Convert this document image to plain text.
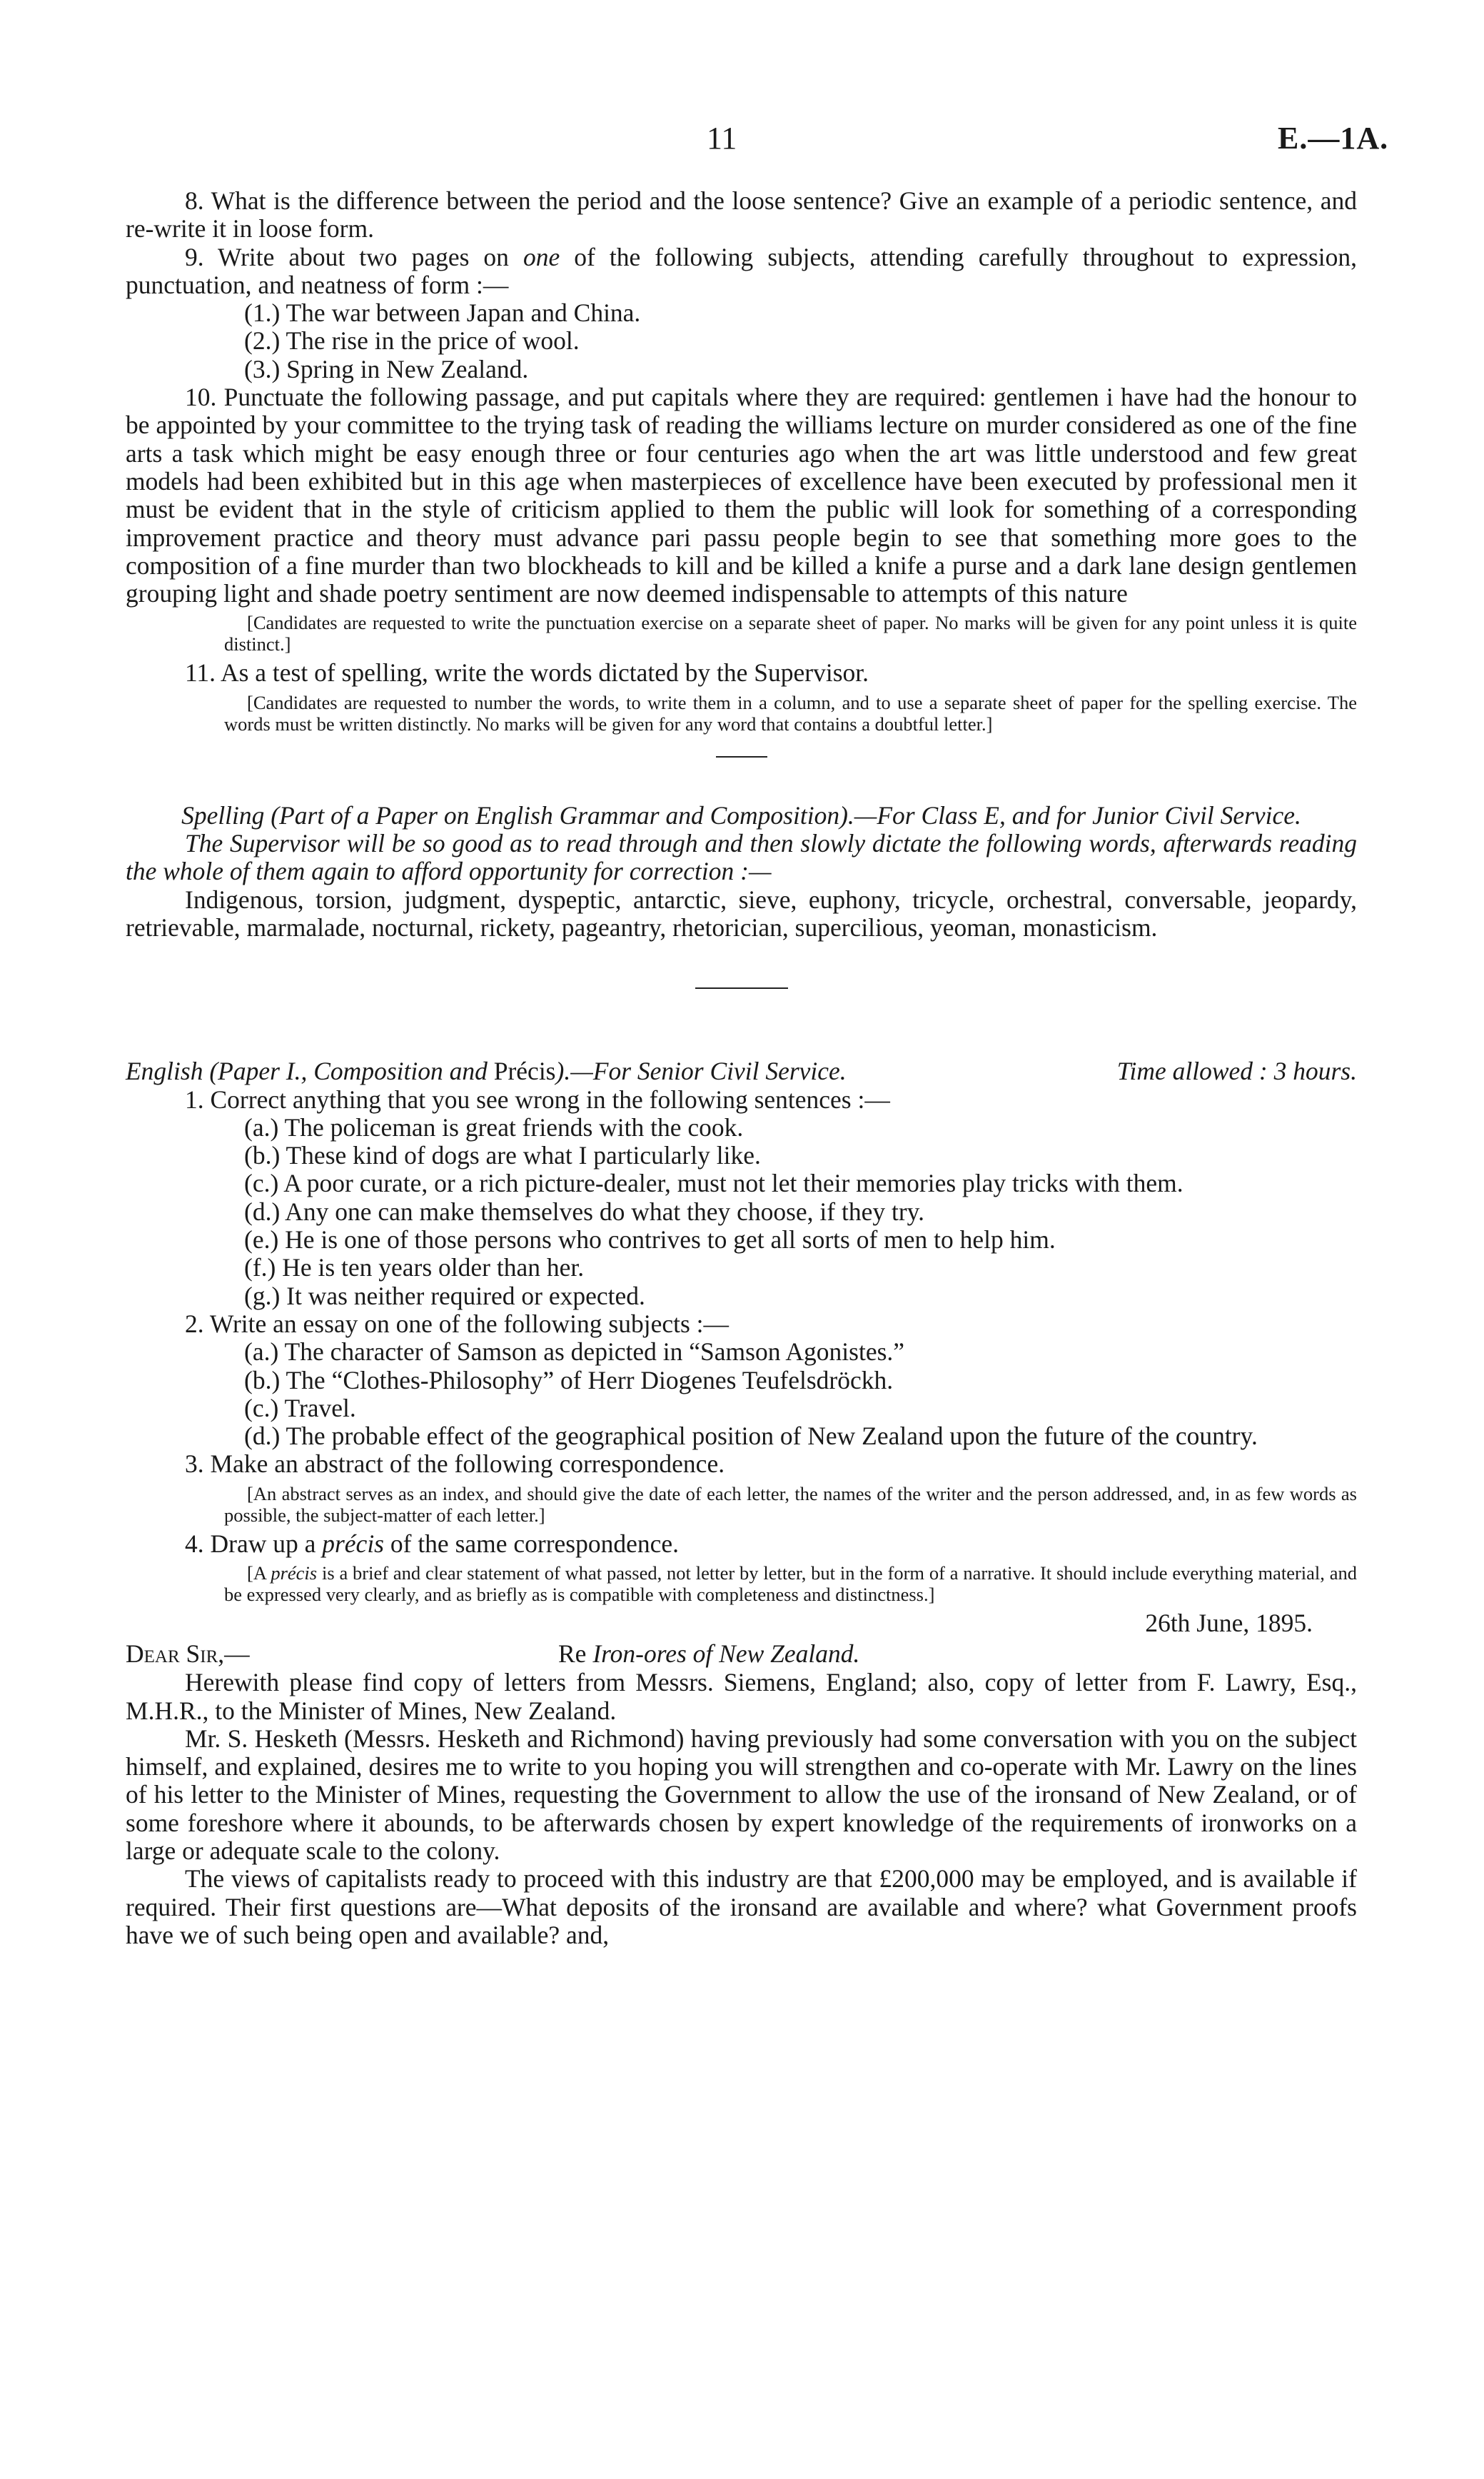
11	E.—1A.

8. What is the difference between the period and the loose sentence? Give an example of a periodic sentence, and re-write it in loose form.

9. Write about two pages on one of the following subjects, attending carefully throughout to expression, punctuation, and neatness of form :—

(1.) The war between Japan and China.

(2.) The rise in the price of wool.

(3.) Spring in New Zealand.

10. Punctuate the following passage, and put capitals where they are required: gentlemen i have had the honour to be appointed by your committee to the trying task of reading the williams lecture on murder considered as one of the fine arts a task which might be easy enough three or four centuries ago when the art was little understood and few great models had been exhibited but in this age when masterpieces of excellence have been executed by professional men it must be evident that in the style of criticism applied to them the public will look for something of a corresponding improvement practice and theory must advance pari passu people begin to see that something more goes to the composition of a fine murder than two blockheads to kill and be killed a knife a purse and a dark lane design gentlemen grouping light and shade poetry sentiment are now deemed indispensable to attempts of this nature

[Candidates are requested to write the punctuation exercise on a separate sheet of paper. No marks will be given for any point unless it is quite distinct.]

11. As a test of spelling, write the words dictated by the Supervisor.

[Candidates are requested to number the words, to write them in a column, and to use a separate sheet of paper for the spelling exercise. The words must be written distinctly. No marks will be given for any word that contains a doubtful letter.]

Spelling (Part of a Paper on English Grammar and Composition).—For Class E, and for Junior Civil Service.

The Supervisor will be so good as to read through and then slowly dictate the following words, afterwards reading the whole of them again to afford opportunity for correction :—

Indigenous, torsion, judgment, dyspeptic, antarctic, sieve, euphony, tricycle, orchestral, conversable, jeopardy, retrievable, marmalade, nocturnal, rickety, pageantry, rhetorician, supercilious, yeoman, monasticism.

English (Paper I., Composition and Précis).—For Senior Civil Service.	Time allowed : 3 hours.

1. Correct anything that you see wrong in the following sentences :—

(a.) The policeman is great friends with the cook.

(b.) These kind of dogs are what I particularly like.

(c.) A poor curate, or a rich picture-dealer, must not let their memories play tricks with them.

(d.) Any one can make themselves do what they choose, if they try.

(e.) He is one of those persons who contrives to get all sorts of men to help him.

(f.) He is ten years older than her.

(g.) It was neither required or expected.

2. Write an essay on one of the following subjects :—

(a.) The character of Samson as depicted in “Samson Agonistes.”

(b.) The “Clothes-Philosophy” of Herr Diogenes Teufelsdröckh.

(c.) Travel.

(d.) The probable effect of the geographical position of New Zealand upon the future of the country.

3. Make an abstract of the following correspondence.

[An abstract serves as an index, and should give the date of each letter, the names of the writer and the person addressed, and, in as few words as possible, the subject-matter of each letter.]

4. Draw up a précis of the same correspondence.

[A précis is a brief and clear statement of what passed, not letter by letter, but in the form of a narrative. It should include everything material, and be expressed very clearly, and as briefly as is compatible with completeness and distinctness.]

26th June, 1895.

Dear Sir,—	Re Iron-ores of New Zealand.

Herewith please find copy of letters from Messrs. Siemens, England; also, copy of letter from F. Lawry, Esq., M.H.R., to the Minister of Mines, New Zealand.

Mr. S. Hesketh (Messrs. Hesketh and Richmond) having previously had some conversation with you on the subject himself, and explained, desires me to write to you hoping you will strengthen and co-operate with Mr. Lawry on the lines of his letter to the Minister of Mines, requesting the Government to allow the use of the ironsand of New Zealand, or of some foreshore where it abounds, to be afterwards chosen by expert knowledge of the requirements of ironworks on a large or adequate scale to the colony.

The views of capitalists ready to proceed with this industry are that £200,000 may be employed, and is available if required. Their first questions are—What deposits of the ironsand are available and where? what Government proofs have we of such being open and available? and,
